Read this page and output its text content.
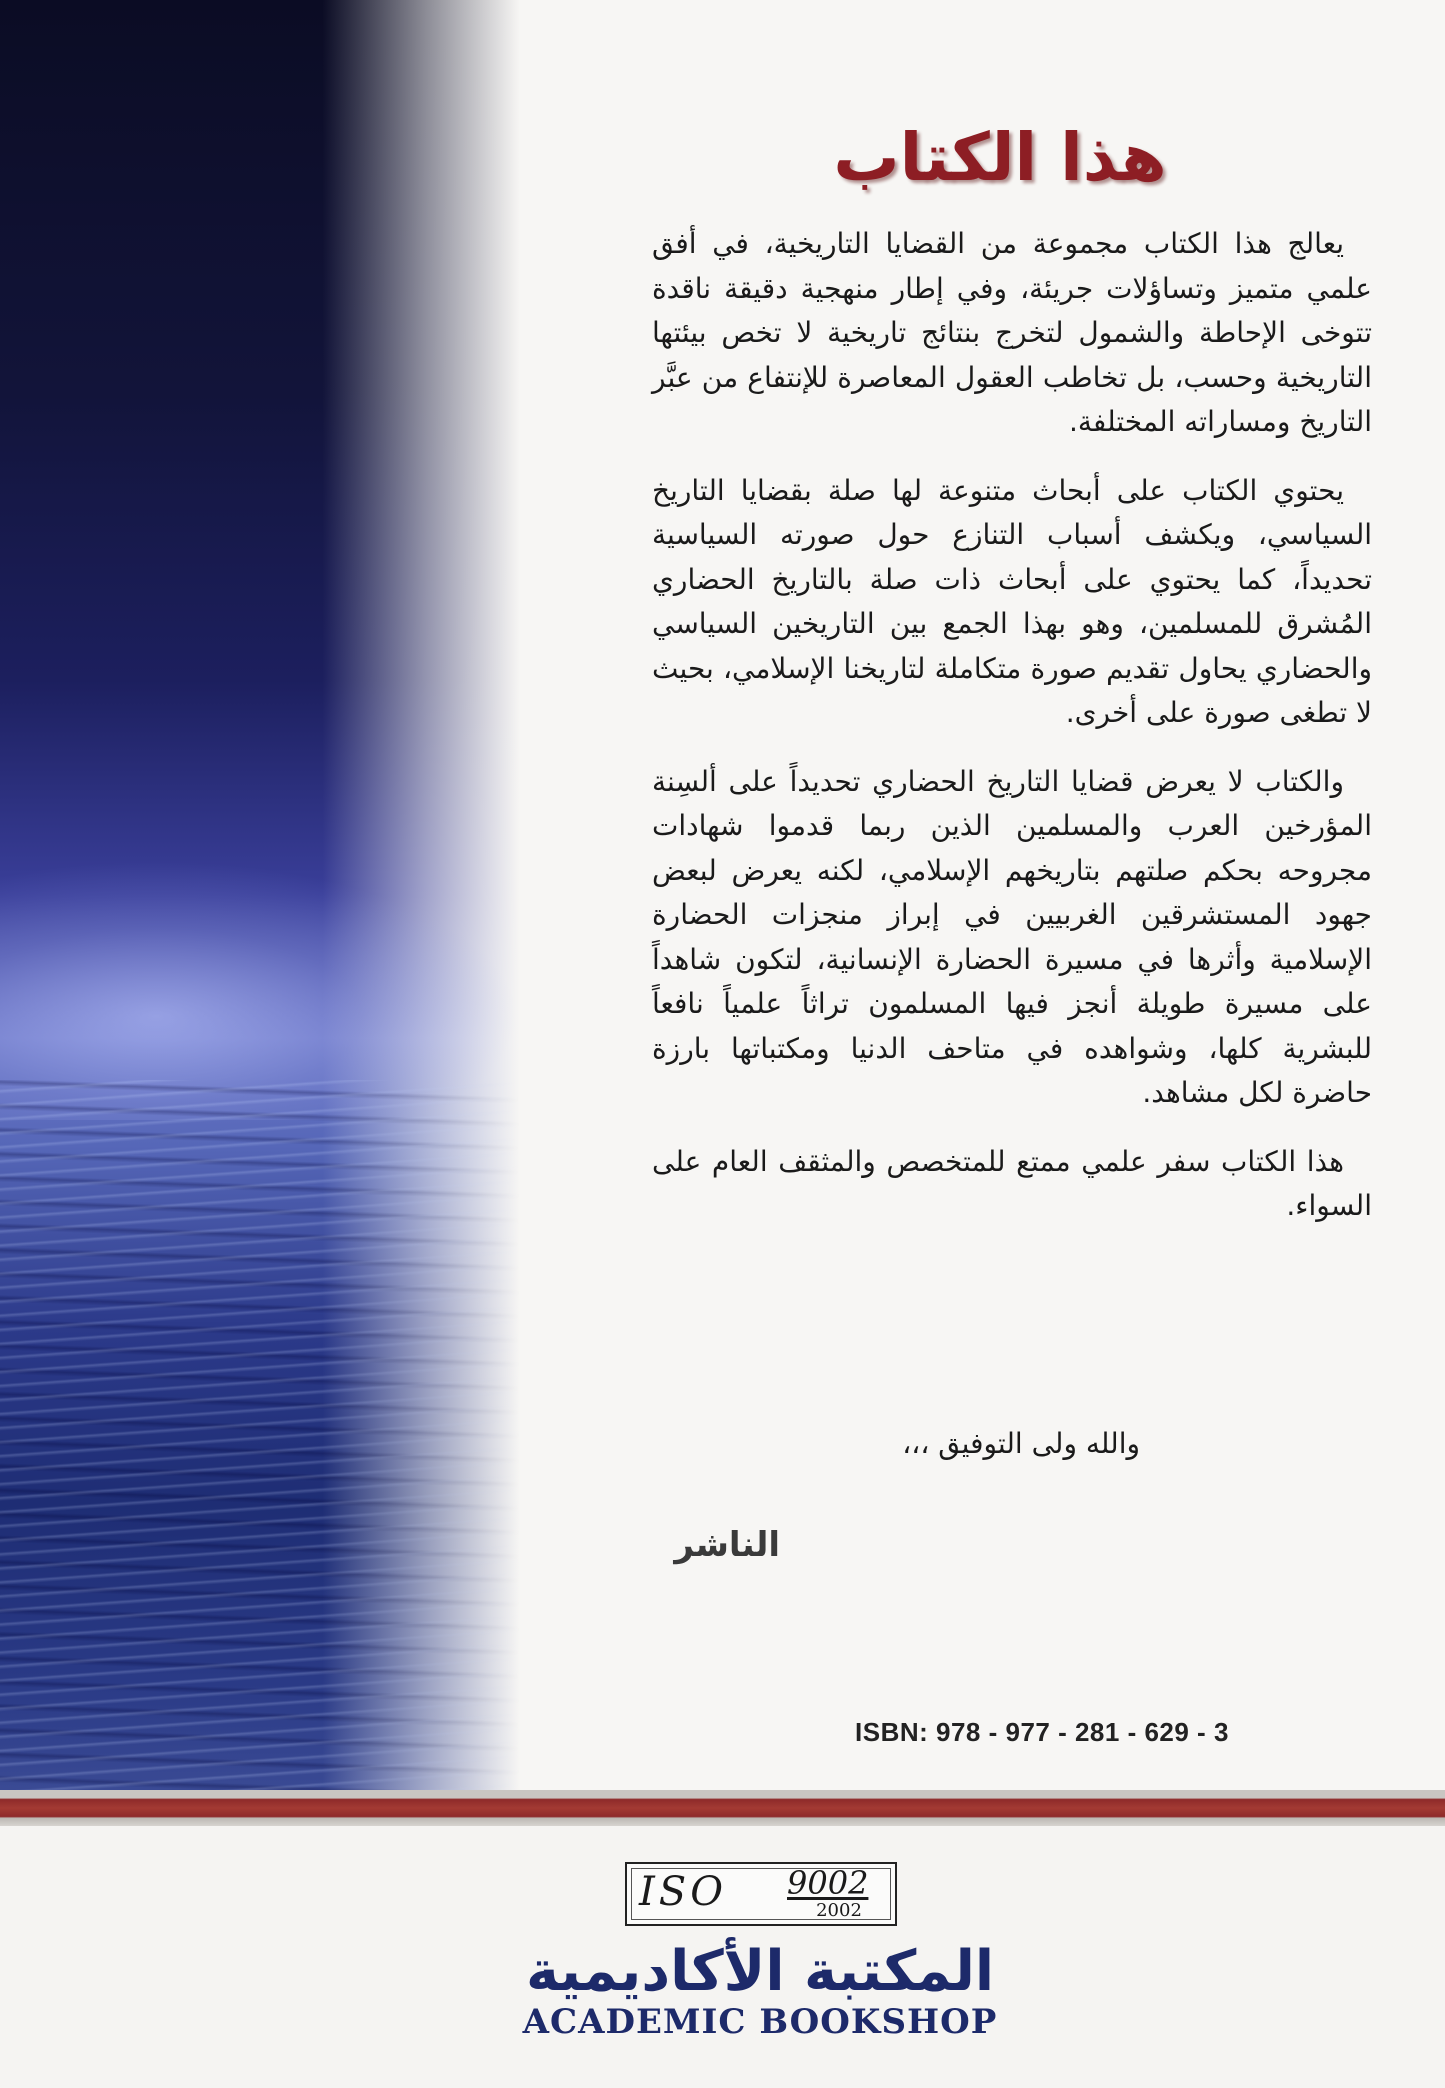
هذا الكتاب

يعالج هذا الكتاب مجموعة من القضايا التاريخية، في أفق علمي متميز وتساؤلات جريئة، وفي إطار منهجية دقيقة ناقدة تتوخى الإحاطة والشمول لتخرج بنتائج تاريخية لا تخص بيئتها التاريخية وحسب، بل تخاطب العقول المعاصرة للإنتفاع من عبَّر التاريخ ومساراته المختلفة.

يحتوي الكتاب على أبحاث متنوعة لها صلة بقضايا التاريخ السياسي، ويكشف أسباب التنازع حول صورته السياسية تحديداً، كما يحتوي على أبحاث ذات صلة بالتاريخ الحضاري المُشرق للمسلمين، وهو بهذا الجمع بين التاريخين السياسي والحضاري يحاول تقديم صورة متكاملة لتاريخنا الإسلامي، بحيث لا تطغى صورة على أخرى.

والكتاب لا يعرض قضايا التاريخ الحضاري تحديداً على ألسِنة المؤرخين العرب والمسلمين الذين ربما قدموا شهادات مجروحه بحكم صلتهم بتاريخهم الإسلامي، لكنه يعرض لبعض جهود المستشرقين الغربيين في إبراز منجزات الحضارة الإسلامية وأثرها في مسيرة الحضارة الإنسانية، لتكون شاهداً على مسيرة طويلة أنجز فيها المسلمون تراثاً علمياً نافعاً للبشرية كلها، وشواهده في متاحف الدنيا ومكتباتها بارزة حاضرة لكل مشاهد.

هذا الكتاب سفر علمي ممتع للمتخصص والمثقف العام على السواء.

والله ولى التوفيق ،،،
الناشر
ISBN: 978 - 977 - 281 - 629 - 3
ISO 9002
2002
المكتبة الأكاديمية
ACADEMIC BOOKSHOP
